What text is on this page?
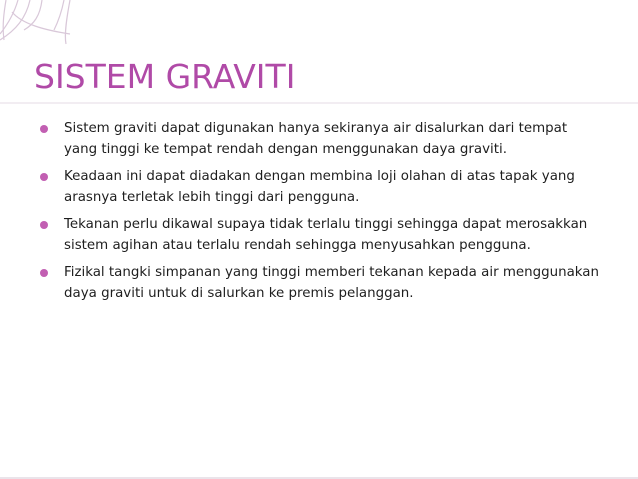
SISTEM GRAVITI
Sistem graviti dapat digunakan hanya sekiranya air disalurkan dari tempat yang tinggi ke tempat rendah dengan menggunakan daya graviti.
Keadaan ini dapat diadakan dengan membina loji olahan di atas tapak yang arasnya terletak lebih tinggi dari pengguna.
Tekanan perlu dikawal supaya tidak terlalu tinggi sehingga dapat merosakkan sistem agihan atau terlalu rendah sehingga menyusahkan pengguna.
Fizikal tangki simpanan yang tinggi memberi tekanan kepada air menggunakan daya graviti untuk di salurkan ke premis pelanggan.
